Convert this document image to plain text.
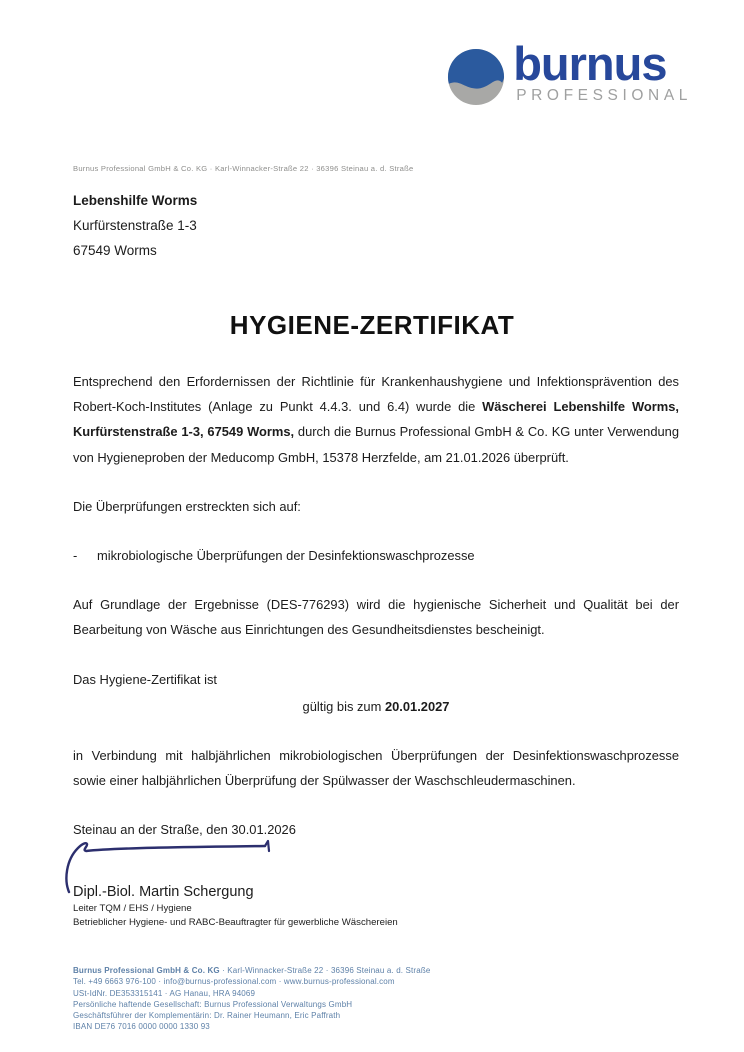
burnus
PROFESSIONAL
Burnus Professional GmbH & Co. KG · Karl-Winnacker-Straße 22 · 36396 Steinau a. d. Straße
Lebenshilfe Worms
Kurfürstenstraße 1-3
67549 Worms
HYGIENE-ZERTIFIKAT

Entsprechend den Erfordernissen der Richtlinie für Krankenhaushygiene und Infektionsprävention des Robert-Koch-Institutes (Anlage zu Punkt 4.4.3. und 6.4) wurde die Wäscherei Lebenshilfe Worms, Kurfürstenstraße 1-3, 67549 Worms, durch die Burnus Professional GmbH & Co. KG unter Verwendung von Hygieneproben der Meducomp GmbH, 15378 Herzfelde, am 21.01.2026 überprüft.

Die Überprüfungen erstreckten sich auf:

-	mikrobiologische Überprüfungen der Desinfektionswaschprozesse

Auf Grundlage der Ergebnisse (DES-776293) wird die hygienische Sicherheit und Qualität bei der Bearbeitung von Wäsche aus Einrichtungen des Gesundheitsdienstes bescheinigt.

Das Hygiene-Zertifikat ist

gültig bis zum 20.01.2027

in Verbindung mit halbjährlichen mikrobiologischen Überprüfungen der Desinfektionswaschprozesse sowie einer halbjährlichen Überprüfung der Spülwasser der Waschschleudermaschinen.

Steinau an der Straße, den 30.01.2026

Dipl.-Biol. Martin Schergung
Leiter TQM / EHS / Hygiene
Betrieblicher Hygiene- und RABC-Beauftragter für gewerbliche Wäschereien
Burnus Professional GmbH & Co. KG · Karl-Winnacker-Straße 22 · 36396 Steinau a. d. Straße
Tel. +49 6663 976-100 · info@burnus-professional.com · www.burnus-professional.com
USt-IdNr. DE353315141 · AG Hanau, HRA 94069
Persönliche haftende Gesellschaft: Burnus Professional Verwaltungs GmbH
Geschäftsführer der Komplementärin: Dr. Rainer Heumann, Eric Paffrath
IBAN DE76 7016 0000 0000 1330 93
